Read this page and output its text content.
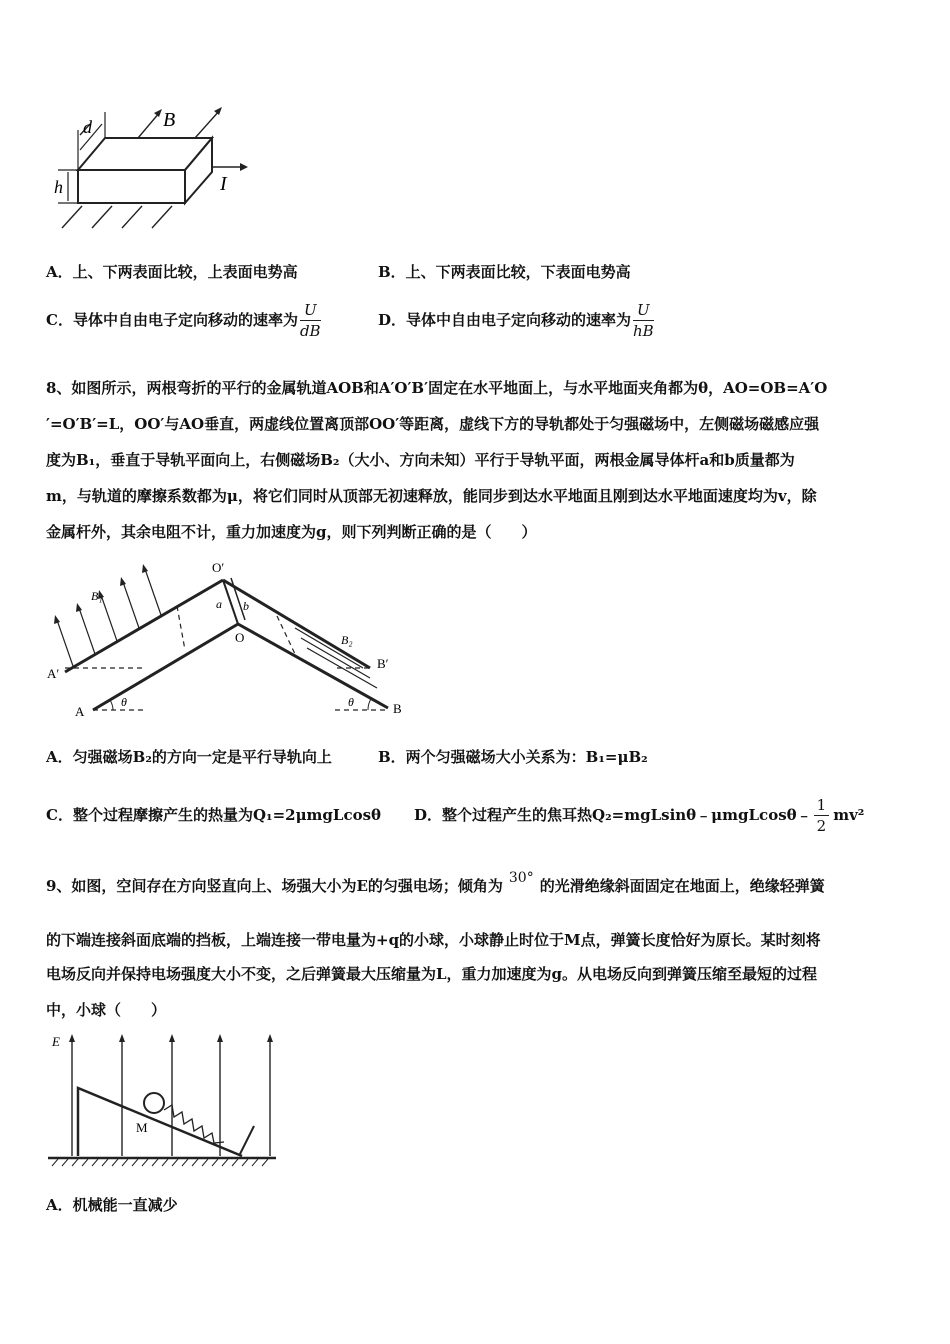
d	B
h	I
A．上、下两表面比较，上表面电势高	B．上、下两表面比较，下表面电势高
C．导体中自由电子定向移动的速率为 $\frac{U}{dB}$	D．导体中自由电子定向移动的速率为 $\frac{U}{hB}$
8、如图所示，两根弯折的平行的金属轨道AOB和A′O′B′固定在水平地面上，与水平地面夹角都为θ，AO=OB=A′O
′=O′B′=L，OO′与AO垂直，两虚线位置离顶部OO′等距离，虚线下方的导轨都处于匀强磁场中，左侧磁场磁感应强
度为B₁，垂直于导轨平面向上，右侧磁场B₂（大小、方向未知）平行于导轨平面，两根金属导体杆a和b质量都为
m，与轨道的摩擦系数都为μ，将它们同时从顶部无初速释放，能同步到达水平地面且刚到达水平地面速度均为v，除
金属杆外，其余电阻不计，重力加速度为g，则下列判断正确的是（　　）
O′
O
A′
A
B′
B
B₁
B₂
a b
θ	θ
A．匀强磁场B₂的方向一定是平行导轨向上	B．两个匀强磁场大小关系为：B₁=μB₂
C．整个过程摩擦产生的热量为Q₁=2μmgLcosθ D．整个过程产生的焦耳热Q₂=mgLsinθ﹣μmgLcosθ﹣ $\frac{1}{2} mv^2$
9、如图，空间存在方向竖直向上、场强大小为E的匀强电场；倾角为 30° 的光滑绝缘斜面固定在地面上，绝缘轻弹簧
的下端连接斜面底端的挡板，上端连接一带电量为+q的小球，小球静止时位于M点，弹簧长度恰好为原长。某时刻将
电场反向并保持电场强度大小不变，之后弹簧最大压缩量为L，重力加速度为g。从电场反向到弹簧压缩至最短的过程
中，小球（　　）
E
M
A．机械能一直减少
